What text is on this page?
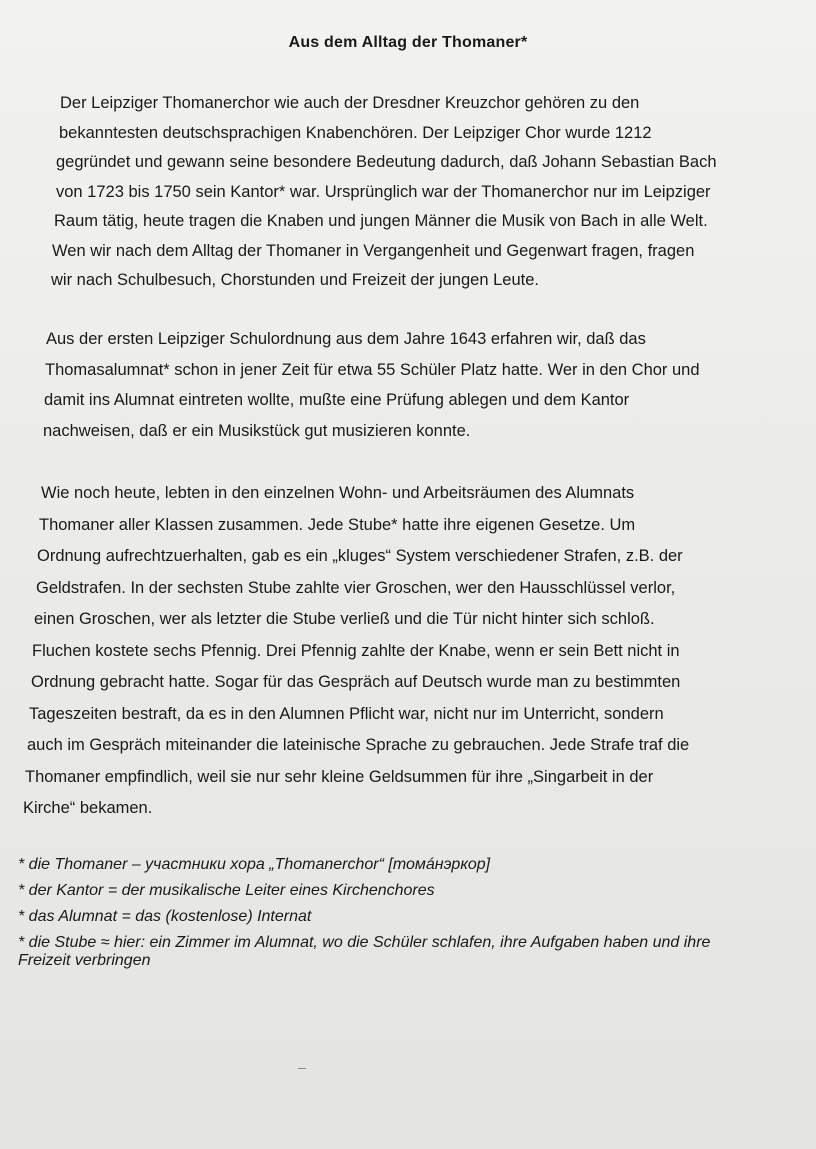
Aus dem Alltag der Thomaner*

Der Leipziger Thomanerchor wie auch der Dresdner Kreuzchor gehören zu den
bekanntesten deutschsprachigen Knabenchören. Der Leipziger Chor wurde 1212
gegründet und gewann seine besondere Bedeutung dadurch, daß Johann Sebastian Bach
von 1723 bis 1750 sein Kantor* war. Ursprünglich war der Thomanerchor nur im Leipziger
Raum tätig, heute tragen die Knaben und jungen Männer die Musik von Bach in alle Welt.
Wen wir nach dem Alltag der Thomaner in Vergangenheit und Gegenwart fragen, fragen
wir nach Schulbesuch, Chorstunden und Freizeit der jungen Leute.

Aus der ersten Leipziger Schulordnung aus dem Jahre 1643 erfahren wir, daß das
Thomasalumnat* schon in jener Zeit für etwa 55 Schüler Platz hatte. Wer in den Chor und
damit ins Alumnat eintreten wollte, mußte eine Prüfung ablegen und dem Kantor
nachweisen, daß er ein Musikstück gut musizieren konnte.

Wie noch heute, lebten in den einzelnen Wohn- und Arbeitsräumen des Alumnats
Thomaner aller Klassen zusammen. Jede Stube* hatte ihre eigenen Gesetze. Um
Ordnung aufrechtzuerhalten, gab es ein „kluges“ System verschiedener Strafen, z.B. der
Geldstrafen. In der sechsten Stube zahlte vier Groschen, wer den Hausschlüssel verlor,
einen Groschen, wer als letzter die Stube verließ und die Tür nicht hinter sich schloß.
Fluchen kostete sechs Pfennig. Drei Pfennig zahlte der Knabe, wenn er sein Bett nicht in
Ordnung gebracht hatte. Sogar für das Gespräch auf Deutsch wurde man zu bestimmten
Tageszeiten bestraft, da es in den Alumnen Pflicht war, nicht nur im Unterricht, sondern
auch im Gespräch miteinander die lateinische Sprache zu gebrauchen. Jede Strafe traf die
Thomaner empfindlich, weil sie nur sehr kleine Geldsummen für ihre „Singarbeit in der
Kirche“ bekamen.

* die Thomaner – участники хора „Thomanerchor“ [томáнэркор]
* der Kantor = der musikalische Leiter eines Kirchenchores
* das Alumnat = das (kostenlose) Internat
* die Stube ≈ hier: ein Zimmer im Alumnat, wo die Schüler schlafen, ihre Aufgaben haben und ihre
Freizeit verbringen
